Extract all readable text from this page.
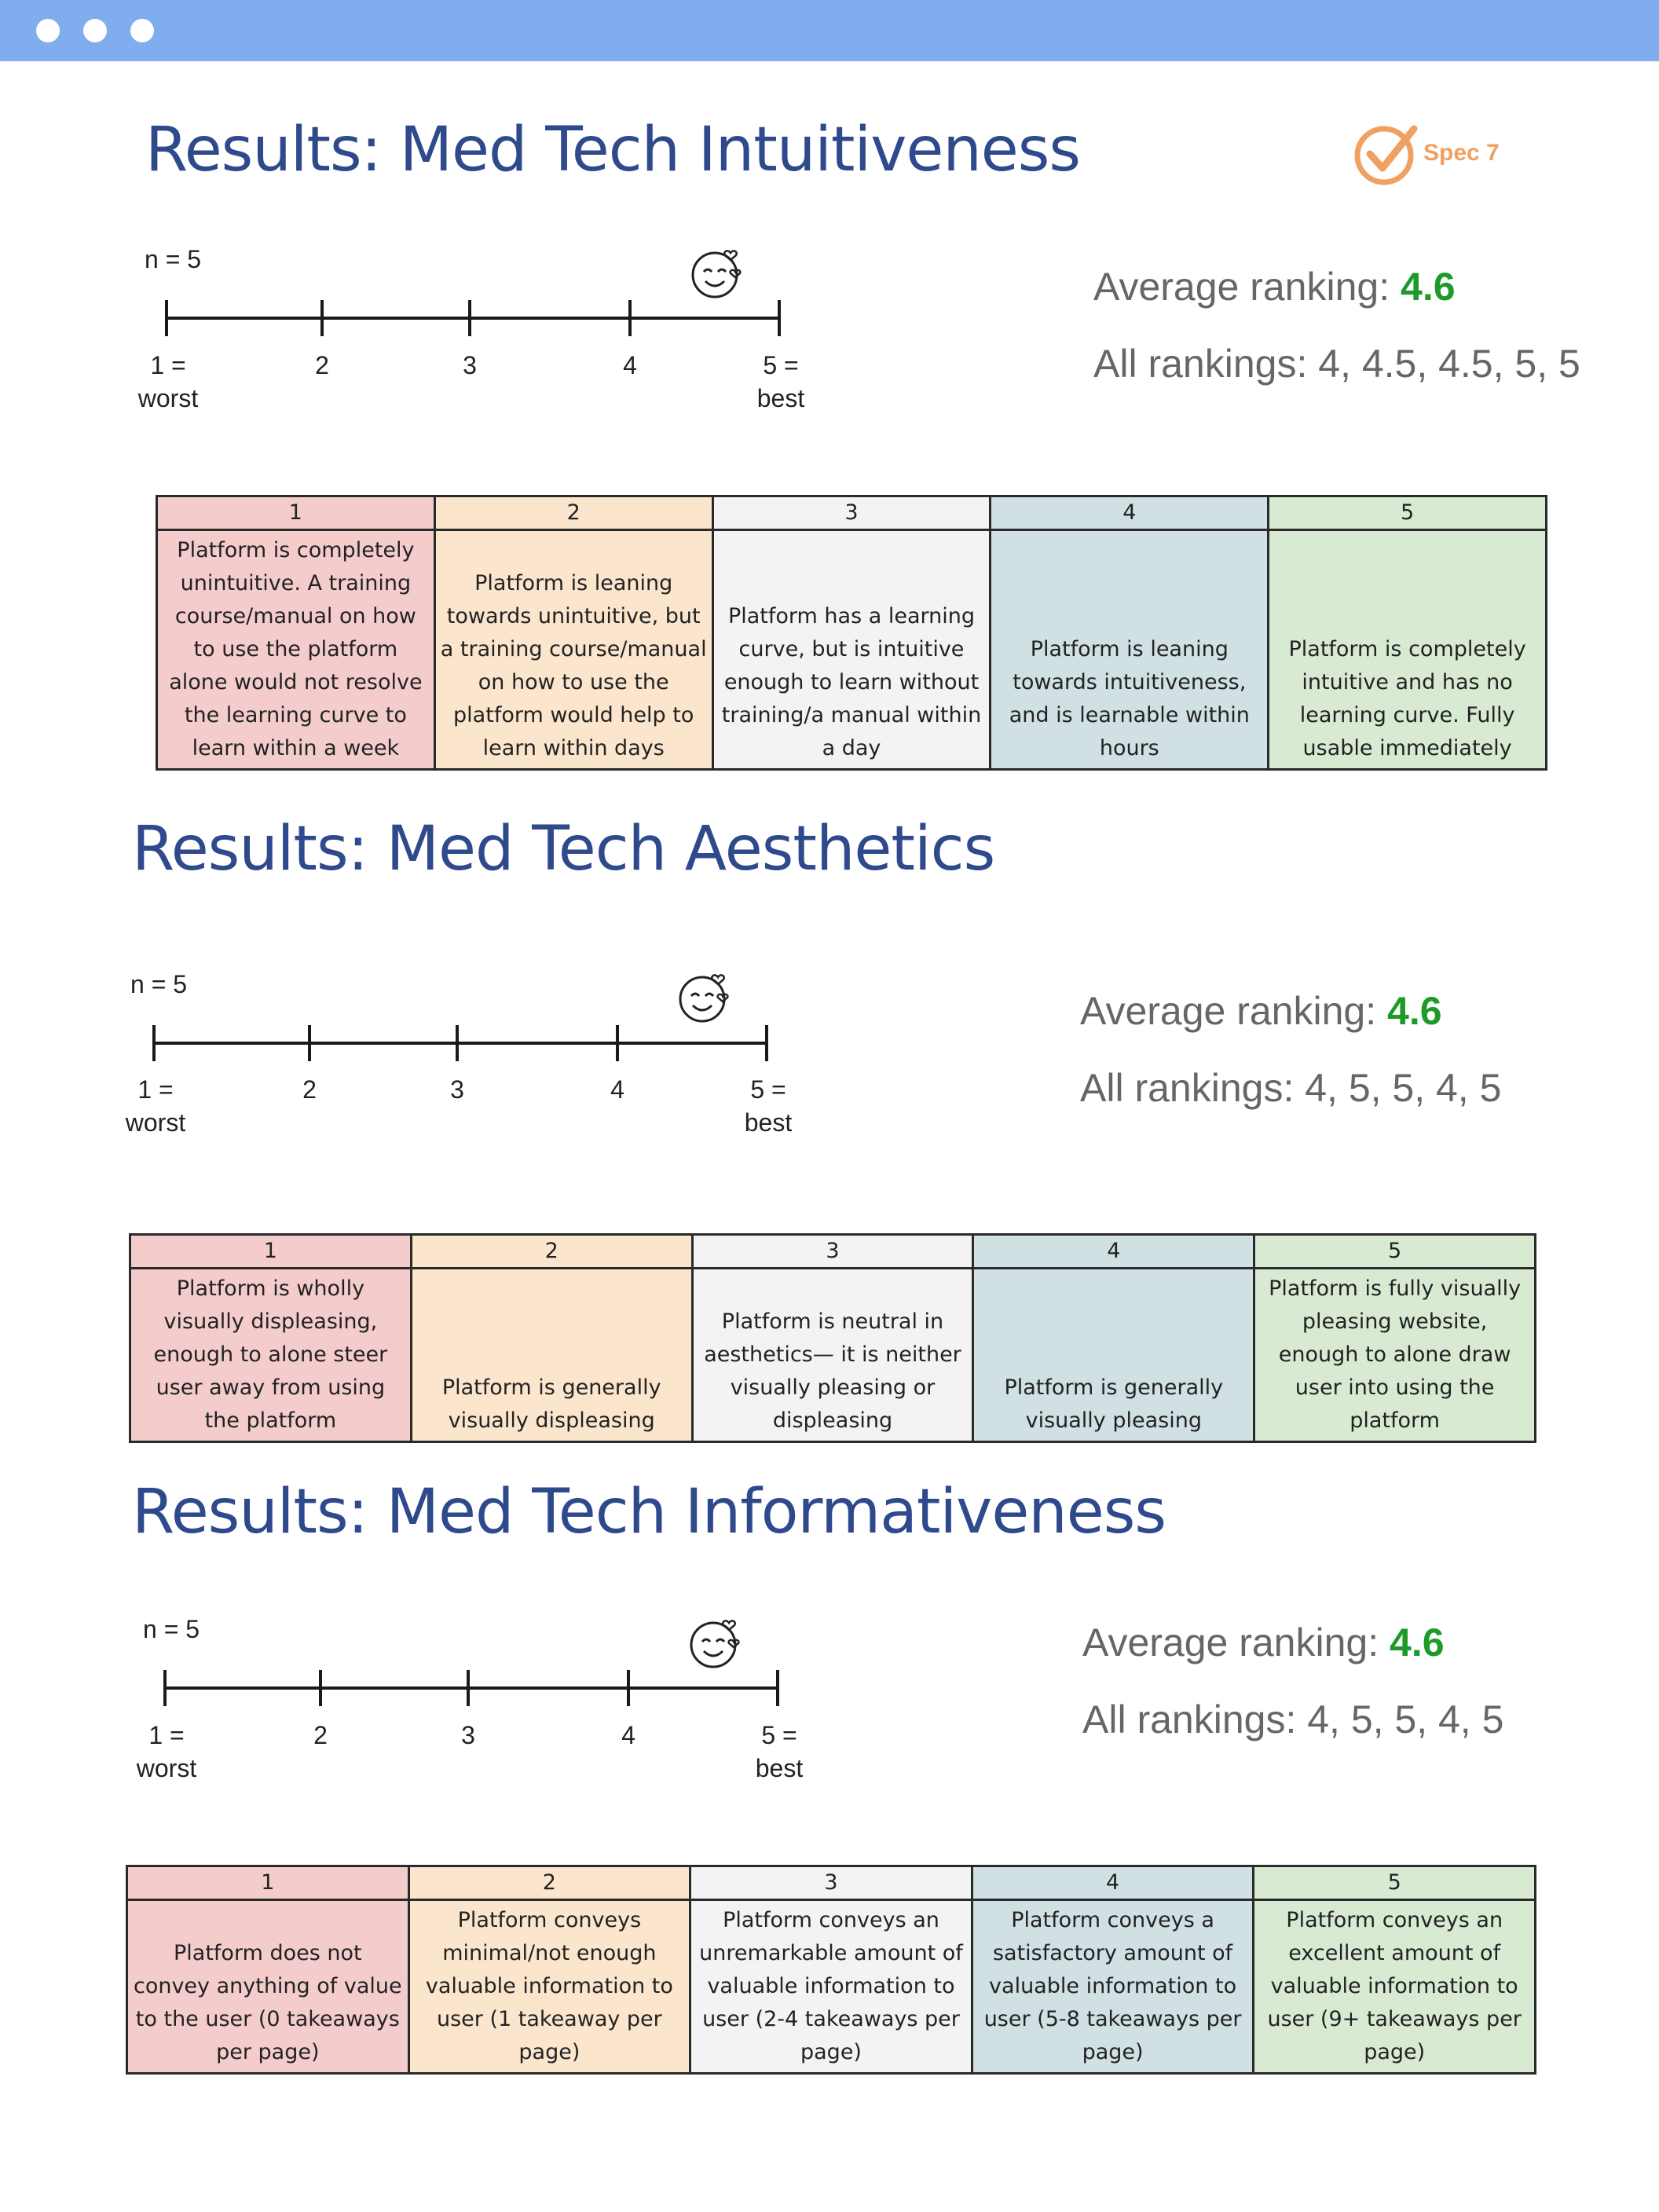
Spec 7
Results: Med Tech Intuitiveness
n = 5
1 =
worst
2	3	4	5 =
best
Average ranking: 4.6
All rankings: 4, 4.5, 4.5, 5, 5
1	2	3	4	5
Platform is completely unintuitive. A training course/manual on how to use the platform alone would not resolve the learning curve to learn within a week	Platform is leaning towards unintuitive, but a training course/manual on how to use the platform would help to learn within days	Platform has a learning curve, but is intuitive enough to learn without training/a manual within a day	Platform is leaning towards intuitiveness, and is learnable within hours	Platform is completely intuitive and has no learning curve. Fully usable immediately
Results: Med Tech Aesthetics
n = 5
1 =
worst
2	3	4	5 =
best
Average ranking: 4.6
All rankings: 4, 5, 5, 4, 5
1	2	3	4	5
Platform is wholly visually displeasing, enough to alone steer user away from using the platform	Platform is generally visually displeasing	Platform is neutral in aesthetics— it is neither visually pleasing or displeasing	Platform is generally visually pleasing	Platform is fully visually pleasing website, enough to alone draw user into using the platform
Results: Med Tech Informativeness
n = 5
1 =
worst
2	3	4	5 =
best
Average ranking: 4.6
All rankings: 4, 5, 5, 4, 5
1	2	3	4	5
Platform does not convey anything of value to the user (0 takeaways per page)	Platform conveys minimal/not enough valuable information to user (1 takeaway per page)	Platform conveys an unremarkable amount of valuable information to user (2-4 takeaways per page)	Platform conveys a satisfactory amount of valuable information to user (5-8 takeaways per page)	Platform conveys an excellent amount of valuable information to user (9+ takeaways per page)
